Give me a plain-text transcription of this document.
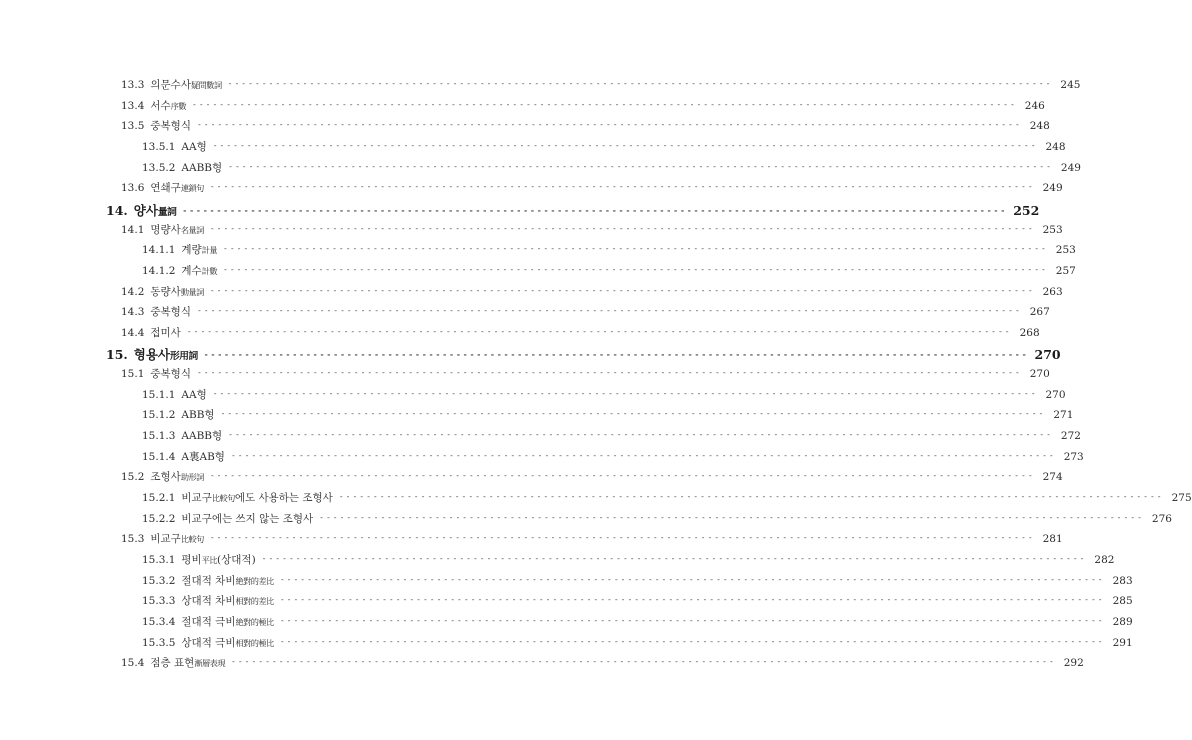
13.3 의문수사疑問數詞 ------------------------------------------------------------------------------------------------------------------------- 245
13.4 서수序數 ------------------------------------------------------------------------------------------------------------------------- 246
13.5 중복형식 ------------------------------------------------------------------------------------------------------------------------- 248
13.5.1 AA형 ------------------------------------------------------------------------------------------------------------------------- 248
13.5.2 AABB형 ------------------------------------------------------------------------------------------------------------------------- 249
13.6 연쇄구連鎖句 ------------------------------------------------------------------------------------------------------------------------- 249
14. 양사量詞 ------------------------------------------------------------------------------------------------------------------------- 252
14.1 명량사名量詞 ------------------------------------------------------------------------------------------------------------------------- 253
14.1.1 계량計量 ------------------------------------------------------------------------------------------------------------------------- 253
14.1.2 계수計數 ------------------------------------------------------------------------------------------------------------------------- 257
14.2 동량사動量詞 ------------------------------------------------------------------------------------------------------------------------- 263
14.3 중복형식 ------------------------------------------------------------------------------------------------------------------------- 267
14.4 접미사 ------------------------------------------------------------------------------------------------------------------------- 268
15. 형용사形用詞 ------------------------------------------------------------------------------------------------------------------------- 270
15.1 중복형식 ------------------------------------------------------------------------------------------------------------------------- 270
15.1.1 AA형 ------------------------------------------------------------------------------------------------------------------------- 270
15.1.2 ABB형 ------------------------------------------------------------------------------------------------------------------------- 271
15.1.3 AABB형 ------------------------------------------------------------------------------------------------------------------------- 272
15.1.4 A裏AB형 ------------------------------------------------------------------------------------------------------------------------- 273
15.2 조형사助形詞 ------------------------------------------------------------------------------------------------------------------------- 274
15.2.1 비교구比較句에도 사용하는 조형사 ------------------------------------------------------------------------------------------------------------------------- 275
15.2.2 비교구에는 쓰지 않는 조형사 ------------------------------------------------------------------------------------------------------------------------- 276
15.3 비교구比較句 ------------------------------------------------------------------------------------------------------------------------- 281
15.3.1 평비平比(상대적) ------------------------------------------------------------------------------------------------------------------------- 282
15.3.2 절대적 차비絶對的差比 ------------------------------------------------------------------------------------------------------------------------- 283
15.3.3 상대적 차비相對的差比 ------------------------------------------------------------------------------------------------------------------------- 285
15.3.4 절대적 극비絶對的極比 ------------------------------------------------------------------------------------------------------------------------- 289
15.3.5 상대적 극비相對的極比 ------------------------------------------------------------------------------------------------------------------------- 291
15.4 점층 표현漸層表現 ------------------------------------------------------------------------------------------------------------------------- 292
